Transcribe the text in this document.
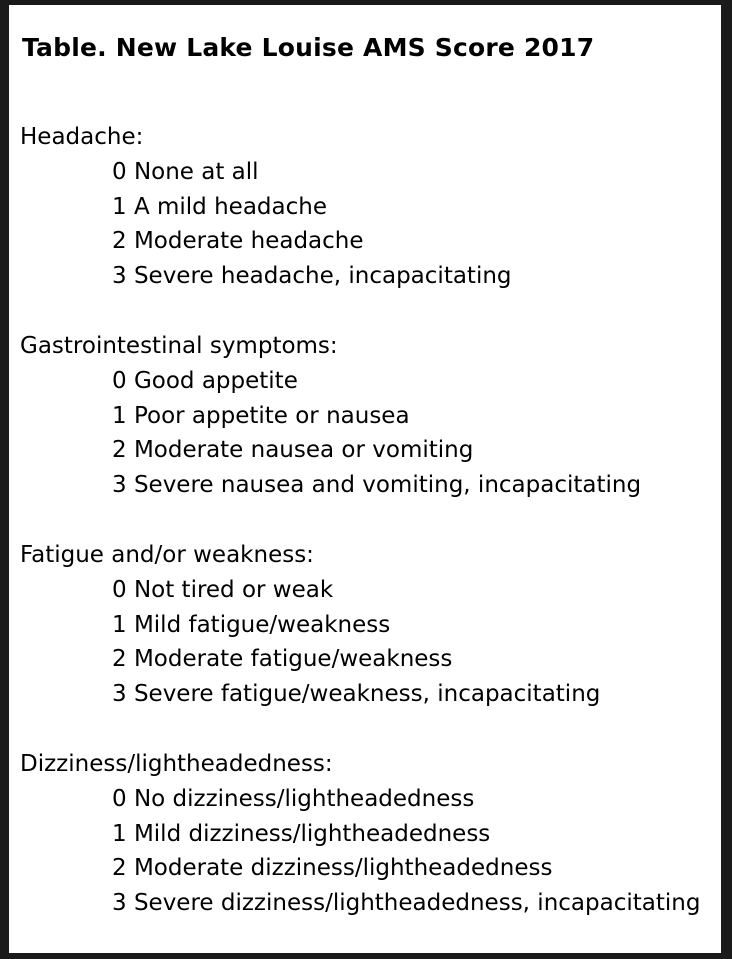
Table. New Lake Louise AMS Score 2017
Headache:
0 None at all
1 A mild headache
2 Moderate headache
3 Severe headache, incapacitating
Gastrointestinal symptoms:
0 Good appetite
1 Poor appetite or nausea
2 Moderate nausea or vomiting
3 Severe nausea and vomiting, incapacitating
Fatigue and/or weakness:
0 Not tired or weak
1 Mild fatigue/weakness
2 Moderate fatigue/weakness
3 Severe fatigue/weakness, incapacitating
Dizziness/lightheadedness:
0 No dizziness/lightheadedness
1 Mild dizziness/lightheadedness
2 Moderate dizziness/lightheadedness
3 Severe dizziness/lightheadedness, incapacitating
